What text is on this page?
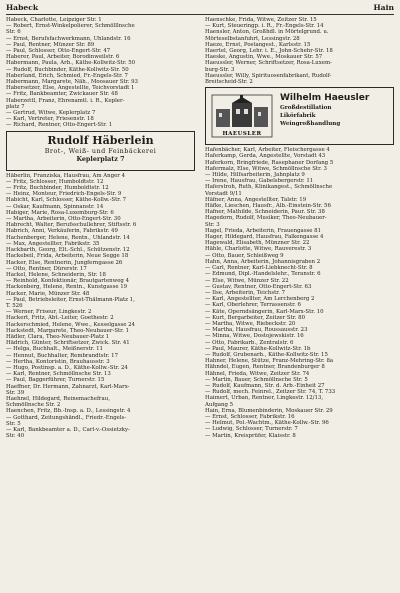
Habeck	Hain
Habeck, Charlotte, Leipziger Str. 1
— Robert, Ernst-Winkelpolierer, Schmölllnsche
Str. 6
— Ernst, Berufsfachwerkmann, Uhlandstr. 16
— Paul, Rentner, Münzer Str. 89
— Paul, Schlosser, Otto-Engert-Str. 47
Haberer, Paul, Arbeiter, Borodinweilstr. 6
Habermann, Paula, Arb., Käthe-Kollwitz-Str. 50
— Rudolf, Buchbinder, Käthe-Kollwitz-Str. 50
Haberland, Erich, Schmied, Fr.-Engels-Str. 7
Habermann, Margarete, Näh., Moosauer Str. 93
Habersetzer, Else, Angestellte, Teichvorstadt 1
— Fritz, Bankbeamter, Zwickauer Str. 48
Haberzettl, Franz, Ehrenamtl. i. R., Kepler-
platz 7
— Gertrud, Witwe, Keplerplatz 7
— Karl, Vertreter, Friesenstr. 18
— Richard, Rentner, Otto-Engert-Str. 1
Rudolf Häberlein
Brot-, Weiß- und Feinbäckerei
Keplerplatz 7
Häberlin, Franziska, Hausfrau, Am Anger 4
— Fritz, Schlosser, Humboldtstr. 12
— Fritz, Buchbinder, Humboldtstr. 12
— Heinz, Monteur, Friedrich-Engels-Str. 9
Habicht, Karl, Schlosser, Käthe-Kollw.-Str. 7
— Oskar, Kaufmann, Spinnanstr. 14
Habiger, Marie, Rosa-Luxemburg-Str. 6
— Martha, Arbeiterin, Otto-Engert-Str. 30
Habrecht, Walter, Berufsschullehrer, Stiftsstr. 6
Habrich, Anni, Verkäuferin, Fabrikstr. 49
Hachenberger, Helene, Rentn., Uhlandstr. 14
— Max, Angestellter, Fabrikstr. 35
Hackbarth, Georg, Elt.-Schl., Schützenstr. 12
Hackebeil, Frida, Arbeiterin, Neue Segge 18
Hacker, Else, Rentnerin, Jungferngasse 26
— Otto, Rentner, Dürerstr. 17
Hackel, Helene, Schneiderin, Str. 18
— Reinhold, Konfektionär, Brautgartenweg 4
Hackenberg, Helene, Rentn., Kunstgasse 19
Hacker, Marie, Münzer Str. 48
— Paul, Betriebsleiter, Ernst-Thälmann-Platz 1,
T. 526
— Werner, Friseur, Lingkestr. 2
Hackert, Fritz, Abt.-Leiter, Goethestr. 2
Hackerschmied, Helene, Wwe., Kesselgasse 24
Hackstedt, Margarete, Theo-Neubauer-Str. 1
Hädler, Clara, Theo-Neubauer-Platz 1
Hädrich, Günter, Schriftsetzer, Zwick. Str. 41
— Helga, Buchhalt., Meißnerstr. 11
— Hennut, Buchhalter, Rembrandtstr. 17
— Hertha, Kontoristin, Brauhausstr. 3
— Hugo, Postinsp. a. D., Käthe-Kollw.-Str. 24
— Karl, Rentner, Schmöllnsche Str. 13
— Paul, Baggerführer, Turnerstr. 15
Haeffner, Dr. Hermann, Zahnarzt, Karl-Marx-
Str. 39
Haehnel, Hildegard, Reinemachefrau,
Schmöllnsche Str. 2
Haenchen, Fritz, Bb.-Insp. a. D., Lessingstr. 4
— Gotthard, Zeitungshändl., Friedr.-Engels-
Str. 5
— Karl, Bankbeamter a. D., Carl-v.-Ossietzky-
Str. 40
Haenschke, Frida, Witwe, Zeitzer Str. 15
— Kurt, Steueringp. i. R., Fr.-Engels-Str. 14
Haensler, Anton, Großhdl. in Mörtelgrund. u.
Mörteselbstanfuhrt, Lessingstr. 28
Haeze, Ernst, Postangest., Karlsstr. 15
Haertel, Georg, Lehr. i. E., John-Schehr-Str. 18
Haeske, Angustin, Wwe., Moskauer Str. 57
Haeussler, Werner, Schriftsetzer, Rosa-Luxem-
burg-Str. 3
Haeussler, Willy, Spirituosenfabrikant, Rudolf-
Breitscheid-Str. 2
HAEUSLER
Wilhelm Haeusler
Großdestillation
Likörfabrik
Weingroßhandlung
Hafenbächer, Karl, Arbeiter, Fleischergasse 4
Haferkamp, Gerda, Angestellte, Vorstadt 43
Haferkorn, Bringfriede, Rasephaner Dorfang 5
Hafermalz, Else, Witwe, Schmöllnsche Str. 3
— Hilde, Hilfsarbeiterin, Jahnplatz 9
— Irene, Hausfrau, Gabelsbergerstr. 11
Haferstroh, Ruth, Klinikangest., Schmöllnsche
Vorstadt 9/11
Häfner, Anna, Angestellter, Talstr. 19
Häfke, Lieschen, Hausfr., Alb.-Einstein-Str. 56
Hafner, Mathilde, Schneiderin, Paur. Str. 38
Hagedorn, Rudolf, Musiker, Theo-Neubauer-
Str. 3
Hagel, Frieda, Arbeiterin, Frauengasse 81
Hager, Hildegard, Hausfrau, Falkengasse 4
Hagewald, Elisabeth, Münzner Str. 22
Hähle, Charlotte, Witwe, Rauverestr. 3
— Otto, Bauer, Schleißweg 9
Hahn, Anna, Arbeiterin, Johannisgraben 2
— Carl, Rentner, Karl-Liebknecht-Str. 8
— Edmund, Dipl.-Handelslehr., Teranstr. 6
— Else, Witwe, Münzer Str. 22
— Gustav, Rentner, Otto-Engert-Str. 63
— Ilse, Arbeiterin, Teichstr. 7
— Karl, Angestellter, Am Lerchenberg 2
— Karl, Oberlehrer, Terrassenstr. 6
— Käte, Operndsängerin, Karl-Marx-Str. 10
— Kurt, Bergarbeiter, Zeitzer Str. 80
— Martha, Witwe, Riebeckstr. 20
— Martha, Hausfrau, Roussausstr. 23
— Minna, Witwe, Dostojewskistr. 16
— Otto, Fabrikarb., Zentralstr. 6
— Paul, Maurer, Käthe-Kollwitz-Str. 1b
— Rudolf, Grubenarb., Käthe-Kollwitz-Str. 15
Hahner, Helene, Stütze, Franz-Mehring-Str. 8a
Hähndel, Eugen, Rentner, Brandenburger 8
Hähnel, Frieda, Witwe, Zeitzer Str. 74
— Martin, Bauer, Schmöllnsche Str. 5
— Rudolf, Kaufmann, Str. d. Arb.-Einheit 27
— Rudolf, mech. Feinrel., Zeitzer Str. 74, T. 733
Haimert, Urban, Rentner, Lingkestr. 12/13,
Aufgang 5
Hain, Erna, Blumenbinderin, Moskauer Str. 29
— Ernst, Schlosser, Fabrikstr. 16
— Helmut, Pol.-Wachtm., Käthe-Kollw.-Str. 96
— Ludwig, Schlosser, Turnerstr. 7
— Martin, Kreisprüfer, Klaisstr. 8
